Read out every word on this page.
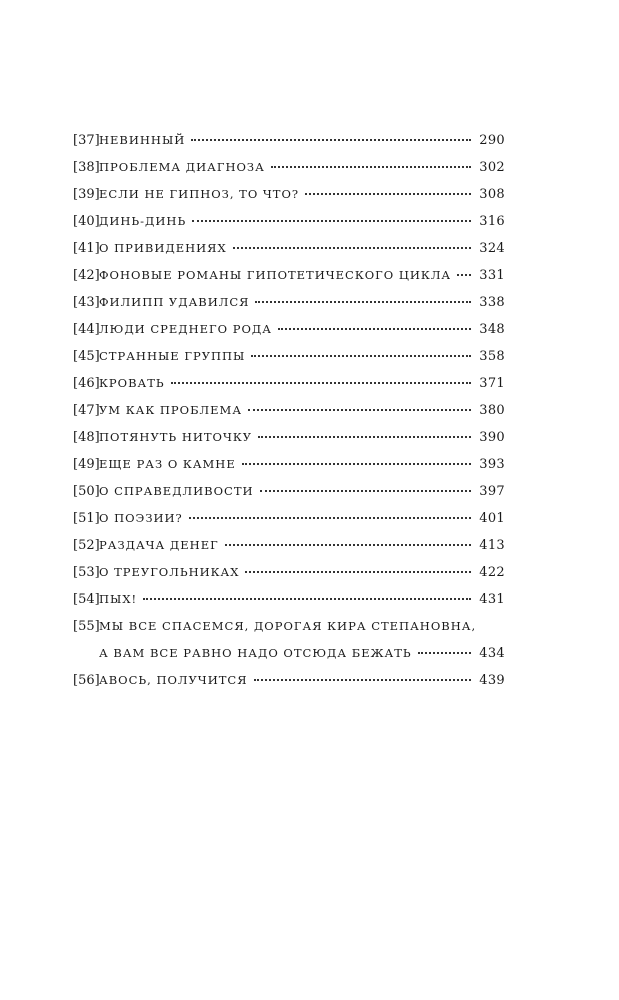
[37] НЕВИННЫЙ	290
[38] ПРОБЛЕМА ДИАГНОЗА	302
[39] ЕСЛИ НЕ ГИПНОЗ, ТО ЧТО?	308
[40] ДИНЬ-ДИНЬ	316
[41] О ПРИВИДЕНИЯХ	324
[42] ФОНОВЫЕ РОМАНЫ ГИПОТЕТИЧЕСКОГО ЦИКЛА 331
[43] ФИЛИПП УДАВИЛСЯ	338
[44] ЛЮДИ СРЕДНЕГО РОДА	348
[45] СТРАННЫЕ ГРУППЫ	358
[46] КРОВАТЬ	371
[47] УМ КАК ПРОБЛЕМА	380
[48] ПОТЯНУТЬ НИТОЧКУ	390
[49] ЕЩЕ РАЗ О КАМНЕ	393
[50] О СПРАВЕДЛИВОСТИ	397
[51] О ПОЭЗИИ?	401
[52] РАЗДАЧА ДЕНЕГ	413
[53] О ТРЕУГОЛЬНИКАХ	422
[54] ПЫХ!	431
[55] МЫ ВСЕ СПАСЕМСЯ, ДОРОГАЯ КИРА СТЕПАНОВНА,
А ВАМ ВСЕ РАВНО НАДО ОТСЮДА БЕЖАТЬ	434
[56] АВОСЬ, ПОЛУЧИТСЯ	439
